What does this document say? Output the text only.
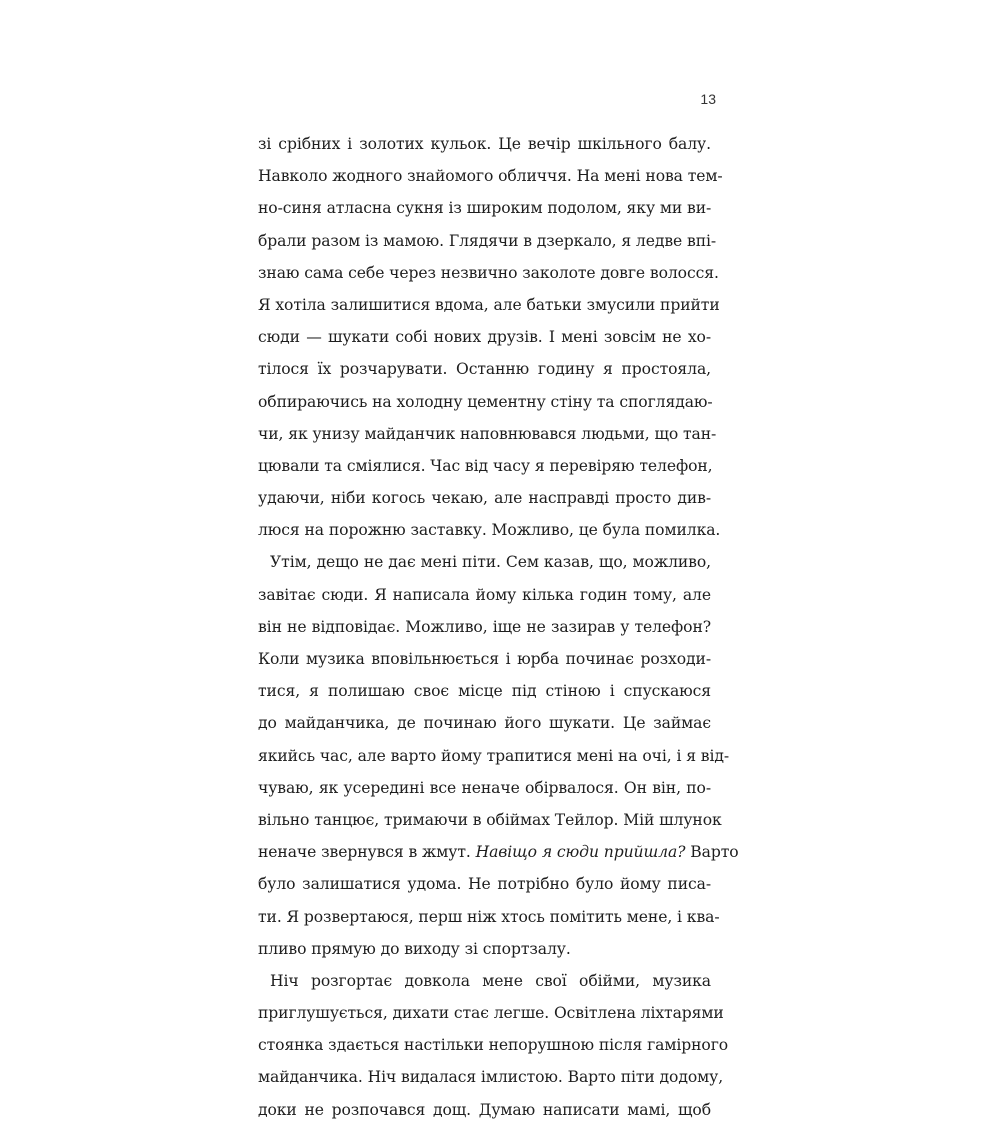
13
зі срібних і золотих кульок. Це вечір шкільного балу.
Навколо жодного знайомого обличчя. На мені нова тем-
но-синя атласна сукня із широким подолом, яку ми ви-
брали разом із мамою. Глядячи в дзеркало, я ледве впі-
знаю сама себе через незвично заколоте довге волосся.
Я хотіла залишитися вдома, але батьки змусили прийти
сюди — шукати собі нових друзів. І мені зовсім не хо-
тілося їх розчарувати. Останню годину я простояла,
обпираючись на холодну цементну стіну та споглядаю-
чи, як унизу майданчик наповнювався людьми, що тан-
цювали та сміялися. Час від часу я перевіряю телефон,
удаючи, ніби когось чекаю, але насправді просто див-
люся на порожню заставку. Можливо, це була помилка.
Утім, дещо не дає мені піти. Сем казав, що, можливо,
завітає сюди. Я написала йому кілька годин тому, але
він не відповідає. Можливо, іще не зазирав у телефон?
Коли музика вповільнюється і юрба починає розходи-
тися, я полишаю своє місце під стіною і спускаюся
до майданчика, де починаю його шукати. Це займає
якийсь час, але варто йому трапитися мені на очі, і я від-
чуваю, як усередині все неначе обірвалося. Он він, по-
вільно танцює, тримаючи в обіймах Тейлор. Мій шлунок
неначе звернувся в жмут. Навіщо я сюди прийшла? Варто
було залишатися удома. Не потрібно було йому писа-
ти. Я розвертаюся, перш ніж хтось помітить мене, і ква-
пливо прямую до виходу зі спортзалу.
Ніч розгортає довкола мене свої обійми, музика
приглушується, дихати стає легше. Освітлена ліхтарями
стоянка здається настільки непорушною після гамірного
майданчика. Ніч видалася імлистою. Варто піти додому,
доки не розпочався дощ. Думаю написати мамі, щоб
